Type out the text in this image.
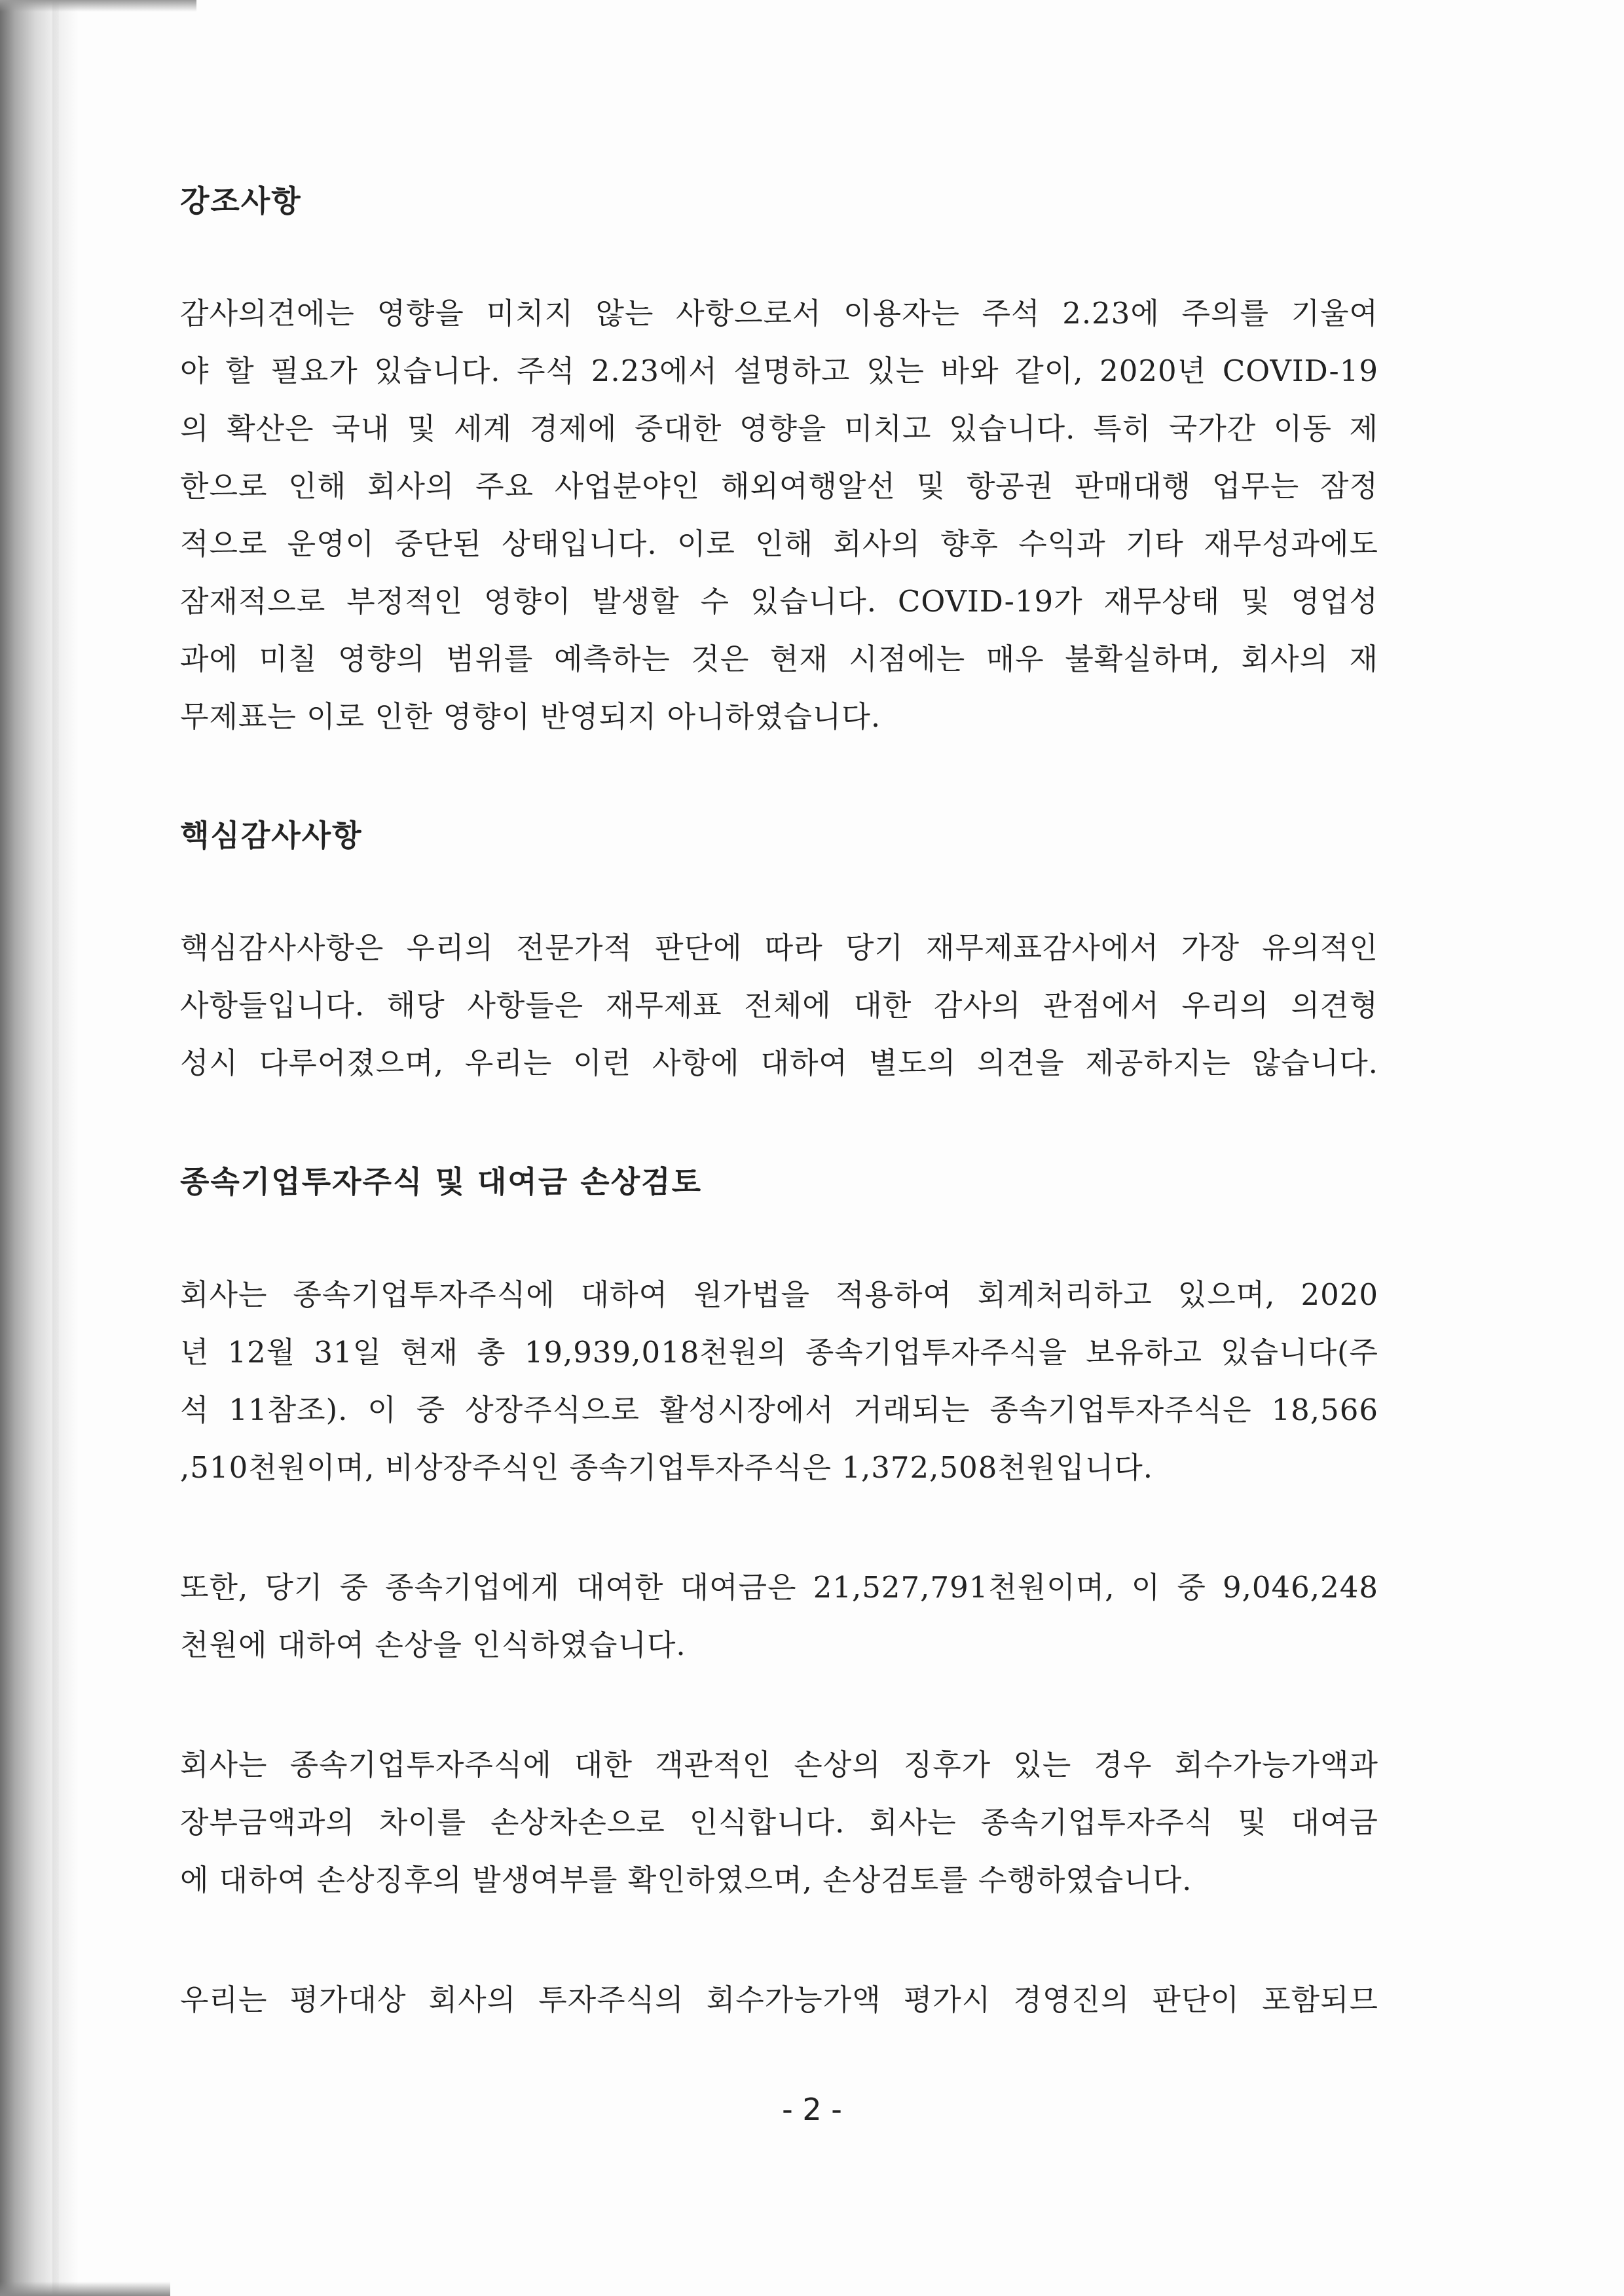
강조사항
감사의견에는 영향을 미치지 않는 사항으로서 이용자는 주석 2.23에 주의를 기울여
야 할 필요가 있습니다. 주석 2.23에서 설명하고 있는 바와 같이, 2020년 COVID-19
의 확산은 국내 및 세계 경제에 중대한 영향을 미치고 있습니다. 특히 국가간 이동 제
한으로 인해 회사의 주요 사업분야인 해외여행알선 및 항공권 판매대행 업무는 잠정
적으로 운영이 중단된 상태입니다. 이로 인해 회사의 향후 수익과 기타 재무성과에도
잠재적으로 부정적인 영향이 발생할 수 있습니다. COVID-19가 재무상태 및 영업성
과에 미칠 영향의 범위를 예측하는 것은 현재 시점에는 매우 불확실하며, 회사의 재
무제표는 이로 인한 영향이 반영되지 아니하였습니다.
핵심감사사항
핵심감사사항은 우리의 전문가적 판단에 따라 당기 재무제표감사에서 가장 유의적인
사항들입니다. 해당 사항들은 재무제표 전체에 대한 감사의 관점에서 우리의 의견형
성시 다루어졌으며, 우리는 이런 사항에 대하여 별도의 의견을 제공하지는 않습니다.
종속기업투자주식 및 대여금 손상검토
회사는 종속기업투자주식에 대하여 원가법을 적용하여 회계처리하고 있으며, 2020
년 12월 31일 현재 총 19,939,018천원의 종속기업투자주식을 보유하고 있습니다(주
석 11참조). 이 중 상장주식으로 활성시장에서 거래되는 종속기업투자주식은 18,566
,510천원이며, 비상장주식인 종속기업투자주식은 1,372,508천원입니다.
또한, 당기 중 종속기업에게 대여한 대여금은 21,527,791천원이며, 이 중 9,046,248
천원에 대하여 손상을 인식하였습니다.
회사는 종속기업투자주식에 대한 객관적인 손상의 징후가 있는 경우 회수가능가액과
장부금액과의 차이를 손상차손으로 인식합니다. 회사는 종속기업투자주식 및 대여금
에 대하여 손상징후의 발생여부를 확인하였으며, 손상검토를 수행하였습니다.
우리는 평가대상 회사의 투자주식의 회수가능가액 평가시 경영진의 판단이 포함되므
- 2 -
